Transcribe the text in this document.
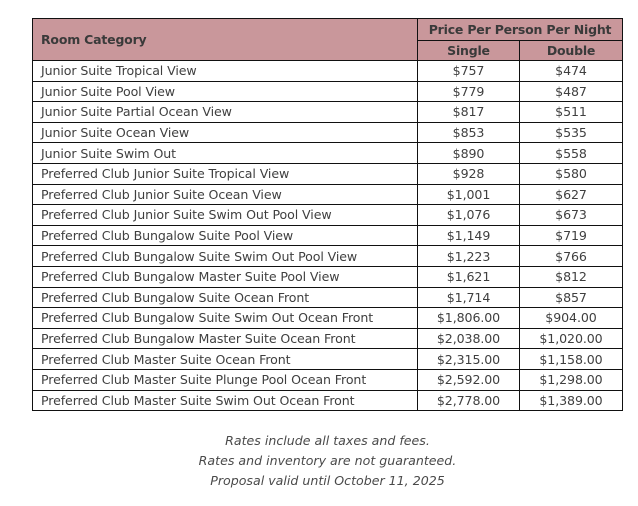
Room Category	Price Per Person Per Night	
	Single	Double
Junior Suite Tropical View	$757	$474
Junior Suite Pool View	$779	$487
Junior Suite Partial Ocean View	$817	$511
Junior Suite Ocean View	$853	$535
Junior Suite Swim Out	$890	$558
Preferred Club Junior Suite Tropical View	$928	$580
Preferred Club Junior Suite Ocean View	$1,001	$627
Preferred Club Junior Suite Swim Out Pool View	$1,076	$673
Preferred Club Bungalow Suite Pool View	$1,149	$719
Preferred Club Bungalow Suite Swim Out Pool View	$1,223	$766
Preferred Club Bungalow Master Suite Pool View	$1,621	$812
Preferred Club Bungalow Suite Ocean Front	$1,714	$857
Preferred Club Bungalow Suite Swim Out Ocean Front	$1,806.00	$904.00
Preferred Club Bungalow Master Suite Ocean Front	$2,038.00	$1,020.00
Preferred Club Master Suite Ocean Front	$2,315.00	$1,158.00
Preferred Club Master Suite Plunge Pool Ocean Front	$2,592.00	$1,298.00
Preferred Club Master Suite Swim Out Ocean Front	$2,778.00	$1,389.00
Rates include all taxes and fees.
Rates and inventory are not guaranteed.
Proposal valid until October 11, 2025
